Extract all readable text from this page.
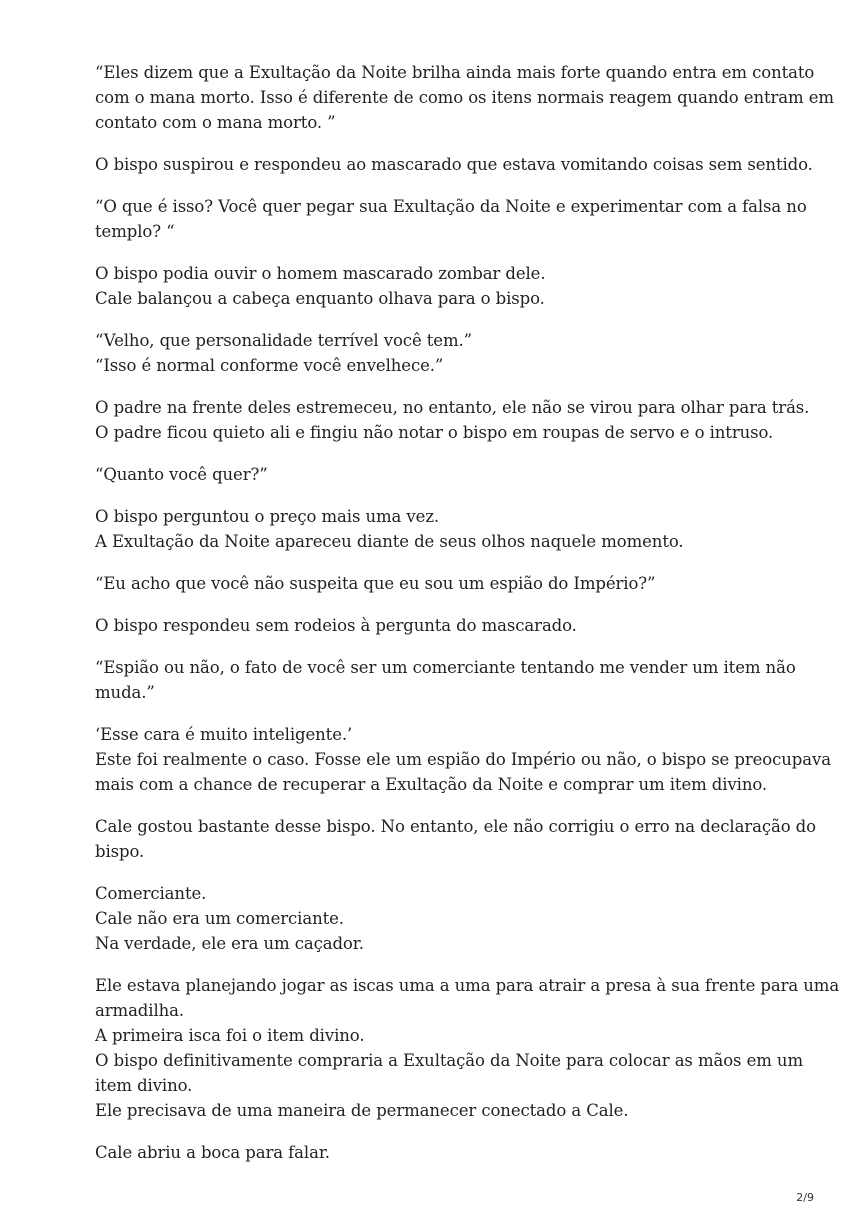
“Eles dizem que a Exultação da Noite brilha ainda mais forte quando entra em contato
com o mana morto. Isso é diferente de como os itens normais reagem quando entram em
contato com o mana morto. ”

O bispo suspirou e respondeu ao mascarado que estava vomitando coisas sem sentido.

“O que é isso? Você quer pegar sua Exultação da Noite e experimentar com a falsa no
templo? “

O bispo podia ouvir o homem mascarado zombar dele.
Cale balançou a cabeça enquanto olhava para o bispo.

“Velho, que personalidade terrível você tem.”
“Isso é normal conforme você envelhece.”

O padre na frente deles estremeceu, no entanto, ele não se virou para olhar para trás.
O padre ficou quieto ali e fingiu não notar o bispo em roupas de servo e o intruso.

“Quanto você quer?”

O bispo perguntou o preço mais uma vez.
A Exultação da Noite apareceu diante de seus olhos naquele momento.

“Eu acho que você não suspeita que eu sou um espião do Império?”

O bispo respondeu sem rodeios à pergunta do mascarado.

“Espião ou não, o fato de você ser um comerciante tentando me vender um item não
muda.”

‘Esse cara é muito inteligente.’
Este foi realmente o caso. Fosse ele um espião do Império ou não, o bispo se preocupava
mais com a chance de recuperar a Exultação da Noite e comprar um item divino.

Cale gostou bastante desse bispo. No entanto, ele não corrigiu o erro na declaração do
bispo.

Comerciante.
Cale não era um comerciante.
Na verdade, ele era um caçador.

Ele estava planejando jogar as iscas uma a uma para atrair a presa à sua frente para uma
armadilha.
A primeira isca foi o item divino.
O bispo definitivamente compraria a Exultação da Noite para colocar as mãos em um
item divino.
Ele precisava de uma maneira de permanecer conectado a Cale.

Cale abriu a boca para falar.

2/9
